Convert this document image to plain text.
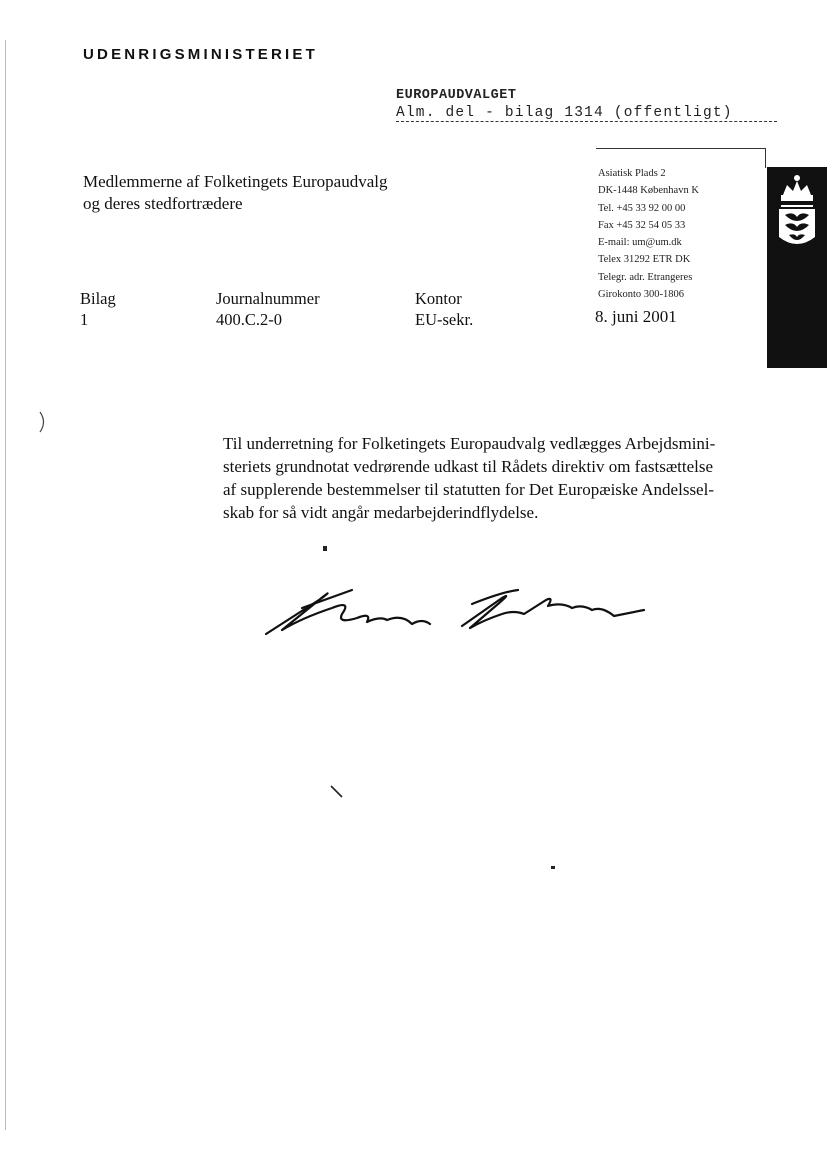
UDENRIGSMINISTERIET
EUROPAUDVALGET
Alm. del - bilag 1314 (offentligt)
Medlemmerne af Folketingets Europaudvalg
og deres stedfortrædere
Asiatisk Plads 2
DK-1448 København K
Tel. +45 33 92 00 00
Fax +45 32 54 05 33
E-mail: um@um.dk
Telex 31292 ETR DK
Telegr. adr. Etrangeres
Girokonto 300-1806
Bilag
1
Journalnummer
400.C.2-0
Kontor
EU-sekr.	8. juni 2001
Til underretning for Folketingets Europaudvalg vedlægges Arbejdsmini-
steriets grundnotat vedrørende udkast til Rådets direktiv om fastsættelse
af supplerende bestemmelser til statutten for Det Europæiske Andelssel-
skab for så vidt angår medarbejderindflydelse.
